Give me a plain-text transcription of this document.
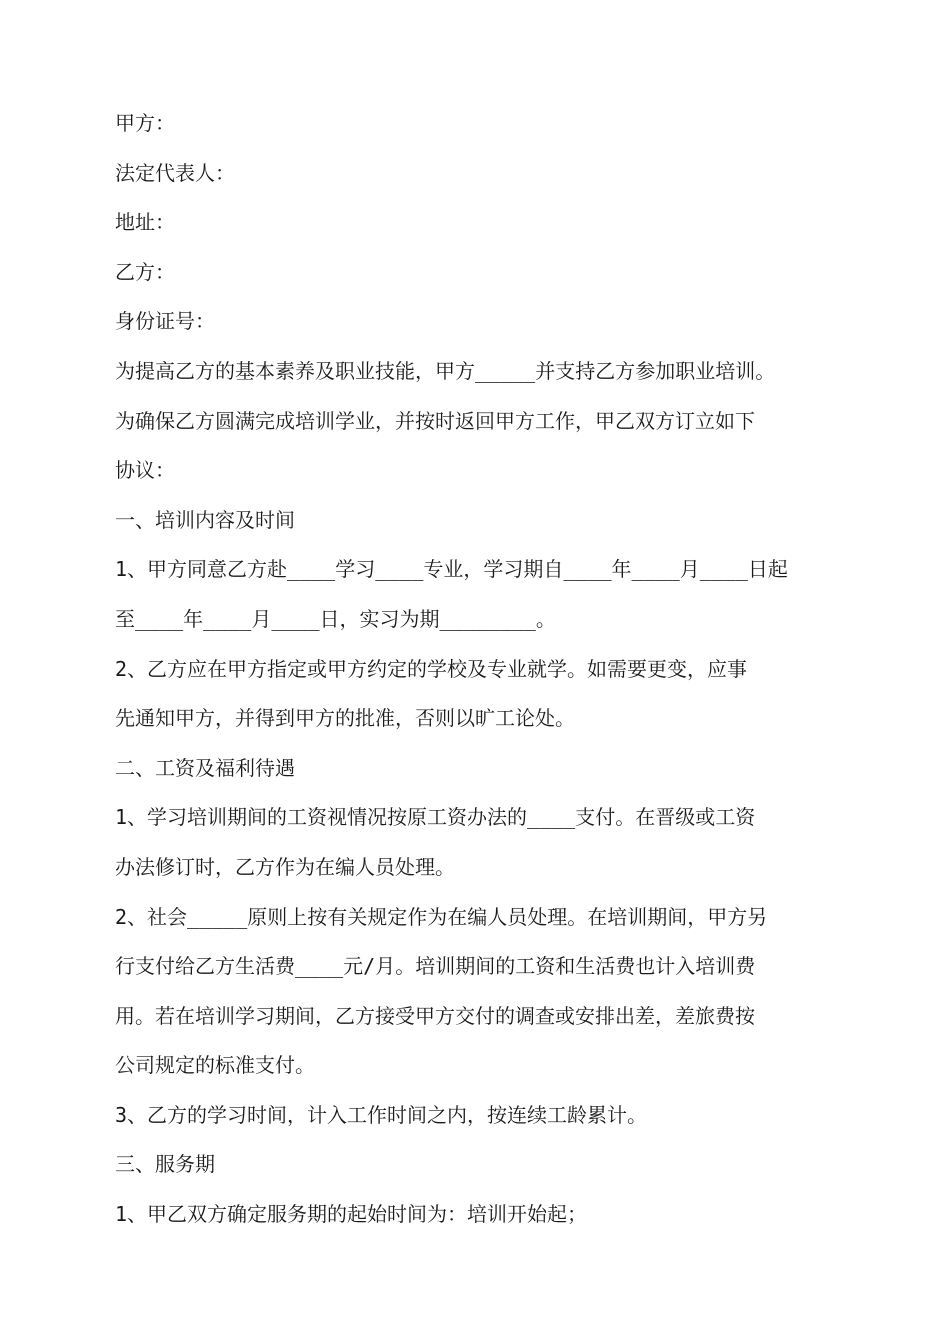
甲方：
法定代表人：
地址：
乙方：
身份证号：
为提高乙方的基本素养及职业技能，甲方_____并支持乙方参加职业培训。
为确保乙方圆满完成培训学业，并按时返回甲方工作，甲乙双方订立如下
协议：
一、培训内容及时间
1、甲方同意乙方赴____学习____专业，学习期自____年____月____日起
至____年____月____日，实习为期________。
2、乙方应在甲方指定或甲方约定的学校及专业就学。如需要更变，应事
先通知甲方，并得到甲方的批准，否则以旷工论处。
二、工资及福利待遇
1、学习培训期间的工资视情况按原工资办法的____支付。在晋级或工资
办法修订时，乙方作为在编人员处理。
2、社会_____原则上按有关规定作为在编人员处理。在培训期间，甲方另
行支付给乙方生活费____元/月。培训期间的工资和生活费也计入培训费
用。若在培训学习期间，乙方接受甲方交付的调查或安排出差，差旅费按
公司规定的标准支付。
3、乙方的学习时间，计入工作时间之内，按连续工龄累计。
三、服务期
1、甲乙双方确定服务期的起始时间为：培训开始起；
